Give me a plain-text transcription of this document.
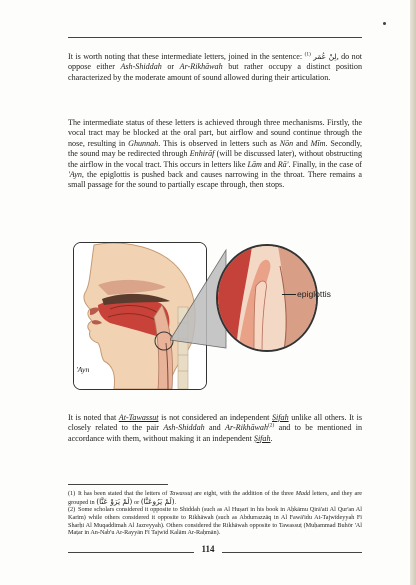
It is worth noting that these intermediate letters, joined in the sentence: $^{(1)}$ لِنْ عُمَر, do not oppose either Ash-Shiddah or Ar-Rikhāwah but rather occupy a distinct position characterized by the moderate amount of sound allowed during their articulation.

The intermediate status of these letters is achieved through three mechanisms. Firstly, the vocal tract may be blocked at the oral part, but airflow and sound continue through the nose, resulting in Ghunnah. This is observed in letters such as Nōn and Mīm. Secondly, the sound may be redirected through Enhirāf (will be discussed later), without obstructing the airflow in the vocal tract. This occurs in letters like Lām and Rā'. Finally, in the case of 'Ayn, the epiglottis is pushed back and causes narrowing in the throat. There remains a small passage for the sound to partially escape through, then stops.

epiglottis
'Ayn

It is noted that At-Tawassuṭ is not considered an independent Ṣifah unlike all others. It is closely related to the pair Ash-Shiddah and Ar-Rikhāwah$^{(2)}$ and to be mentioned in accordance with them, without making it an independent Ṣifah.

(1) It has been stated that the letters of Tawassuṭ are eight, with the addition of the three Madd letters, and they are grouped in (لَمْ يَرَوْ عَنَّا) or (لَمْ يَرُوعَنَّا).
(2) Some scholars considered it opposite to Shiddah (such as Al Huṣarī in his book in Aḥkāmu Qirā'ati Al Qur'an Al Karīm) while others considered it opposite to Rikhāwah (such as Abdurrazzāq in Al Fawā'idu At-Tajwīdeyyah Fī Sharḥi Al Muqaddimah Al Jazreyyah). Others considered the Rikhāwah opposite to Tawassuṭ (Muḥammad Buhōr 'Al Maṭar in An-Nab'u Ar-Rayyān Fī Tajwīd Kalām Ar-Raḥmān).
114
